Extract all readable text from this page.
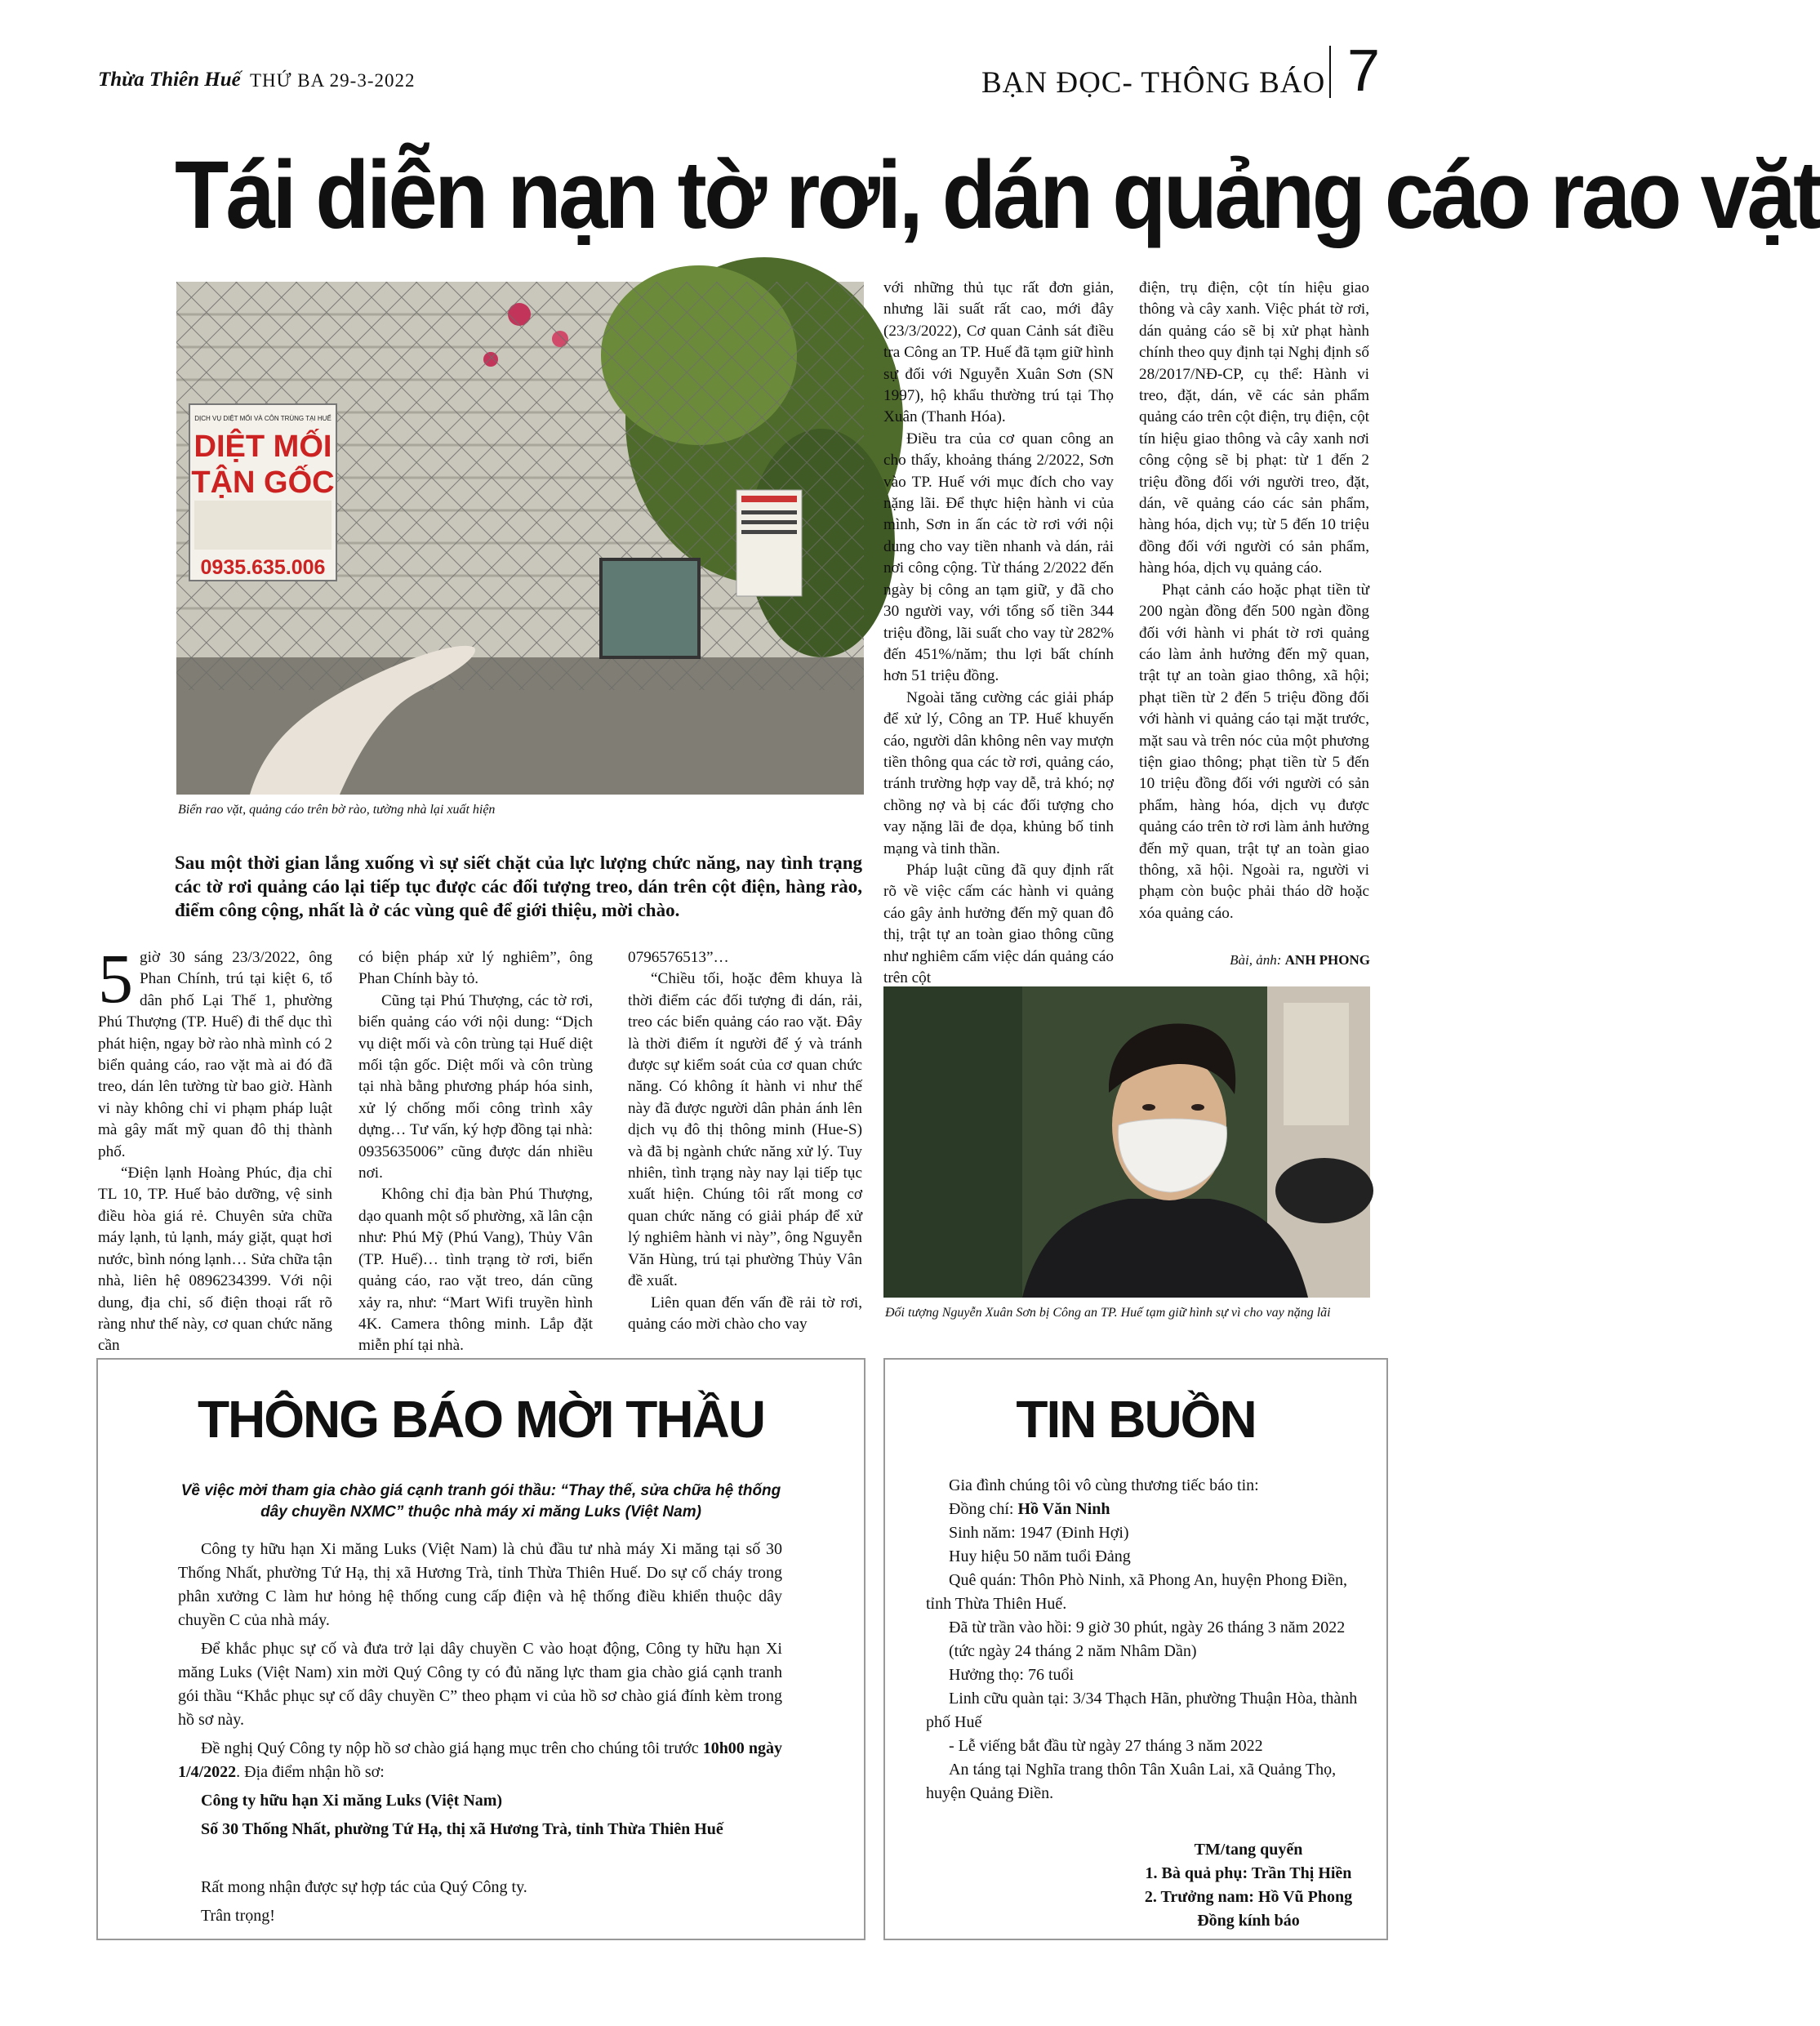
Thừa Thiên Huế THỨ BA 29-3-2022	BẠN ĐỌC- THÔNG BÁO 7
Tái diễn nạn tờ rơi, dán quảng cáo rao vặt
DỊCH VỤ DIỆT MỐI VÀ CÔN TRÙNG TẠI HUẾ
DIỆT MỐI
TẬN GỐC
0935.635.006
Biển rao vặt, quảng cáo trên bờ rào, tường nhà lại xuất hiện
Sau một thời gian lắng xuống vì sự siết chặt của lực lượng chức năng, nay tình trạng các tờ rơi quảng cáo lại tiếp tục được các đối tượng treo, dán trên cột điện, hàng rào, điểm công cộng, nhất là ở các vùng quê để giới thiệu, mời chào.
5 giờ 30 sáng 23/3/2022, ông Phan Chính, trú tại kiệt 6, tổ dân phố Lại Thế 1, phường Phú Thượng (TP. Huế) đi thể dục thì phát hiện, ngay bờ rào nhà mình có 2 biển quảng cáo, rao vặt mà ai đó đã treo, dán lên tường từ bao giờ. Hành vi này không chỉ vi phạm pháp luật mà gây mất mỹ quan đô thị thành phố.

“Điện lạnh Hoàng Phúc, địa chỉ TL 10, TP. Huế bảo dưỡng, vệ sinh điều hòa giá rẻ. Chuyên sửa chữa máy lạnh, tủ lạnh, máy giặt, quạt hơi nước, bình nóng lạnh… Sửa chữa tận nhà, liên hệ 0896234399. Với nội dung, địa chỉ, số điện thoại rất rõ ràng như thế này, cơ quan chức năng cần

có biện pháp xử lý nghiêm”, ông Phan Chính bày tỏ.

Cũng tại Phú Thượng, các tờ rơi, biển quảng cáo với nội dung: “Dịch vụ diệt mối và côn trùng tại Huế diệt mối tận gốc. Diệt mối và côn trùng tại nhà bằng phương pháp hóa sinh, xử lý chống mối công trình xây dựng… Tư vấn, ký hợp đồng tại nhà: 0935635006” cũng được dán nhiều nơi.

Không chỉ địa bàn Phú Thượng, dạo quanh một số phường, xã lân cận như: Phú Mỹ (Phú Vang), Thủy Vân (TP. Huế)… tình trạng tờ rơi, biển quảng cáo, rao vặt treo, dán cũng xảy ra, như: “Mart Wifi truyền hình 4K. Camera thông minh. Lắp đặt miễn phí tại nhà.

0796576513”…

“Chiều tối, hoặc đêm khuya là thời điểm các đối tượng đi dán, rải, treo các biển quảng cáo rao vặt. Đây là thời điểm ít người để ý và tránh được sự kiểm soát của cơ quan chức năng. Có không ít hành vi như thế này đã được người dân phản ánh lên dịch vụ đô thị thông minh (Hue-S) và đã bị ngành chức năng xử lý. Tuy nhiên, tình trạng này nay lại tiếp tục xuất hiện. Chúng tôi rất mong cơ quan chức năng có giải pháp để xử lý nghiêm hành vi này”, ông Nguyễn Văn Hùng, trú tại phường Thủy Vân đề xuất.

Liên quan đến vấn đề rải tờ rơi, quảng cáo mời chào cho vay

với những thủ tục rất đơn giản, nhưng lãi suất rất cao, mới đây (23/3/2022), Cơ quan Cảnh sát điều tra Công an TP. Huế đã tạm giữ hình sự đối với Nguyễn Xuân Sơn (SN 1997), hộ khẩu thường trú tại Thọ Xuân (Thanh Hóa).

Điều tra của cơ quan công an cho thấy, khoảng tháng 2/2022, Sơn vào TP. Huế với mục đích cho vay nặng lãi. Để thực hiện hành vi của mình, Sơn in ấn các tờ rơi với nội dung cho vay tiền nhanh và dán, rải nơi công cộng. Từ tháng 2/2022 đến ngày bị công an tạm giữ, y đã cho 30 người vay, với tổng số tiền 344 triệu đồng, lãi suất cho vay từ 282% đến 451%/năm; thu lợi bất chính hơn 51 triệu đồng.

Ngoài tăng cường các giải pháp để xử lý, Công an TP. Huế khuyến cáo, người dân không nên vay mượn tiền thông qua các tờ rơi, quảng cáo, tránh trường hợp vay dễ, trả khó; nợ chồng nợ và bị các đối tượng cho vay nặng lãi đe dọa, khủng bố tinh mạng và tinh thần.

Pháp luật cũng đã quy định rất rõ về việc cấm các hành vi quảng cáo gây ảnh hưởng đến mỹ quan đô thị, trật tự an toàn giao thông cũng như nghiêm cấm việc dán quảng cáo trên cột

điện, trụ điện, cột tín hiệu giao thông và cây xanh. Việc phát tờ rơi, dán quảng cáo sẽ bị xử phạt hành chính theo quy định tại Nghị định số 28/2017/NĐ-CP, cụ thể: Hành vi treo, đặt, dán, vẽ các sản phẩm quảng cáo trên cột điện, trụ điện, cột tín hiệu giao thông và cây xanh nơi công cộng sẽ bị phạt: từ 1 đến 2 triệu đồng đối với người treo, đặt, dán, vẽ quảng cáo các sản phẩm, hàng hóa, dịch vụ; từ 5 đến 10 triệu đồng đối với người có sản phẩm, hàng hóa, dịch vụ quảng cáo.

Phạt cảnh cáo hoặc phạt tiền từ 200 ngàn đồng đến 500 ngàn đồng đối với hành vi phát tờ rơi quảng cáo làm ảnh hưởng đến mỹ quan, trật tự an toàn giao thông, xã hội; phạt tiền từ 2 đến 5 triệu đồng đối với hành vi quảng cáo tại mặt trước, mặt sau và trên nóc của một phương tiện giao thông; phạt tiền từ 5 đến 10 triệu đồng đối với người có sản phẩm, hàng hóa, dịch vụ được quảng cáo trên tờ rơi làm ảnh hưởng đến mỹ quan, trật tự an toàn giao thông, xã hội. Ngoài ra, người vi phạm còn buộc phải tháo dỡ hoặc xóa quảng cáo.

Bài, ảnh: ANH PHONG
Đối tượng Nguyễn Xuân Sơn bị Công an TP. Huế tạm giữ hình sự vì cho vay nặng lãi
THÔNG BÁO MỜI THẦU
Về việc mời tham gia chào giá cạnh tranh gói thầu: “Thay thế, sửa chữa hệ thống dây chuyền NXMC” thuộc nhà máy xi măng Luks (Việt Nam)

Công ty hữu hạn Xi măng Luks (Việt Nam) là chủ đầu tư nhà máy Xi măng tại số 30 Thống Nhất, phường Tứ Hạ, thị xã Hương Trà, tỉnh Thừa Thiên Huế. Do sự cố cháy trong phân xưởng C làm hư hỏng hệ thống cung cấp điện và hệ thống điều khiển thuộc dây chuyền C của nhà máy.

Để khắc phục sự cố và đưa trở lại dây chuyền C vào hoạt động, Công ty hữu hạn Xi măng Luks (Việt Nam) xin mời Quý Công ty có đủ năng lực tham gia chào giá cạnh tranh gói thầu “Khắc phục sự cố dây chuyền C” theo phạm vi của hồ sơ chào giá đính kèm trong hồ sơ này.

Đề nghị Quý Công ty nộp hồ sơ chào giá hạng mục trên cho chúng tôi trước 10h00 ngày 1/4/2022. Địa điểm nhận hồ sơ:

Công ty hữu hạn Xi măng Luks (Việt Nam)

Số 30 Thống Nhất, phường Tứ Hạ, thị xã Hương Trà, tỉnh Thừa Thiên Huế

Rất mong nhận được sự hợp tác của Quý Công ty.

Trân trọng!

TIN BUỒN

Gia đình chúng tôi vô cùng thương tiếc báo tin:

Đồng chí: Hồ Văn Ninh

Sinh năm: 1947 (Đinh Hợi)

Huy hiệu 50 năm tuổi Đảng

Quê quán: Thôn Phò Ninh, xã Phong An, huyện Phong Điền, tỉnh Thừa Thiên Huế.

Đã từ trần vào hồi: 9 giờ 30 phút, ngày 26 tháng 3 năm 2022

(tức ngày 24 tháng 2 năm Nhâm Dần)

Hưởng thọ: 76 tuổi

Linh cữu quàn tại: 3/34 Thạch Hãn, phường Thuận Hòa, thành phố Huế

- Lễ viếng bắt đầu từ ngày 27 tháng 3 năm 2022

An táng tại Nghĩa trang thôn Tân Xuân Lai, xã Quảng Thọ, huyện Quảng Điền.

TM/tang quyến

1. Bà quả phụ: Trần Thị Hiền

2. Trưởng nam: Hồ Vũ Phong

Đồng kính báo
